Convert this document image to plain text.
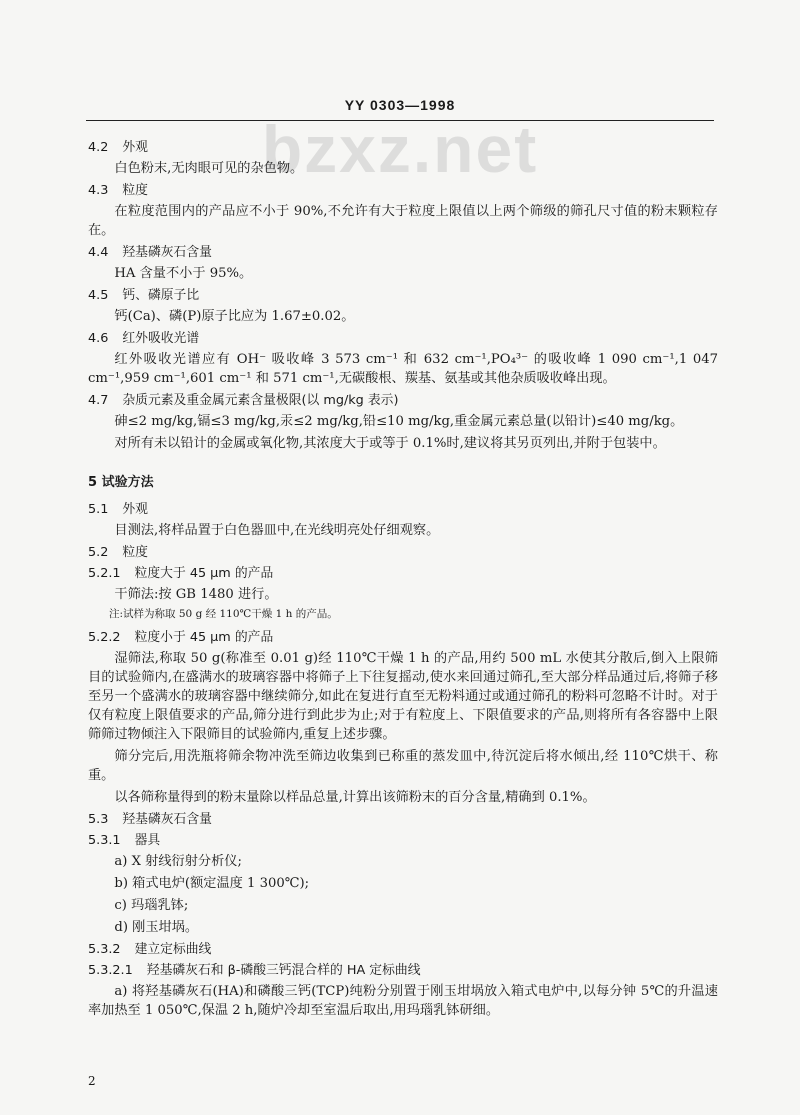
YY 0303—1998
bzxz.net
4.2 外观
白色粉末,无肉眼可见的杂色物。
4.3 粒度
在粒度范围内的产品应不小于 90%,不允许有大于粒度上限值以上两个筛级的筛孔尺寸值的粉末颗粒存在。
4.4 羟基磷灰石含量
HA 含量不小于 95%。
4.5 钙、磷原子比
钙(Ca)、磷(P)原子比应为 1.67±0.02。
4.6 红外吸收光谱
红外吸收光谱应有 OH⁻ 吸收峰 3 573 cm⁻¹ 和 632 cm⁻¹,PO₄³⁻ 的吸收峰 1 090 cm⁻¹,1 047 cm⁻¹,959 cm⁻¹,601 cm⁻¹ 和 571 cm⁻¹,无碳酸根、羰基、氨基或其他杂质吸收峰出现。
4.7 杂质元素及重金属元素含量极限(以 mg/kg 表示)
砷≤2 mg/kg,镉≤3 mg/kg,汞≤2 mg/kg,铅≤10 mg/kg,重金属元素总量(以铅计)≤40 mg/kg。
对所有未以铅计的金属或氧化物,其浓度大于或等于 0.1%时,建议将其另页列出,并附于包装中。
5 试验方法
5.1 外观
目测法,将样品置于白色器皿中,在光线明亮处仔细观察。
5.2 粒度
5.2.1 粒度大于 45 μm 的产品
干筛法:按 GB 1480 进行。
注:试样为称取 50 g 经 110℃干燥 1 h 的产品。
5.2.2 粒度小于 45 μm 的产品
湿筛法,称取 50 g(称准至 0.01 g)经 110℃干燥 1 h 的产品,用约 500 mL 水使其分散后,倒入上限筛目的试验筛内,在盛满水的玻璃容器中将筛子上下往复摇动,使水来回通过筛孔,至大部分样品通过后,将筛子移至另一个盛满水的玻璃容器中继续筛分,如此在复进行直至无粉料通过或通过筛孔的粉料可忽略不计时。对于仅有粒度上限值要求的产品,筛分进行到此步为止;对于有粒度上、下限值要求的产品,则将所有各容器中上限筛筛过物倾注入下限筛目的试验筛内,重复上述步骤。
筛分完后,用洗瓶将筛余物冲洗至筛边收集到已称重的蒸发皿中,待沉淀后将水倾出,经 110℃烘干、称重。
以各筛称量得到的粉末量除以样品总量,计算出该筛粉末的百分含量,精确到 0.1%。
5.3 羟基磷灰石含量
5.3.1 器具
a) X 射线衍射分析仪;
b) 箱式电炉(额定温度 1 300℃);
c) 玛瑙乳钵;
d) 刚玉坩埚。
5.3.2 建立定标曲线
5.3.2.1 羟基磷灰石和 β-磷酸三钙混合样的 HA 定标曲线
a) 将羟基磷灰石(HA)和磷酸三钙(TCP)纯粉分别置于刚玉坩埚放入箱式电炉中,以每分钟 5℃的升温速率加热至 1 050℃,保温 2 h,随炉冷却至室温后取出,用玛瑙乳钵研细。
2
